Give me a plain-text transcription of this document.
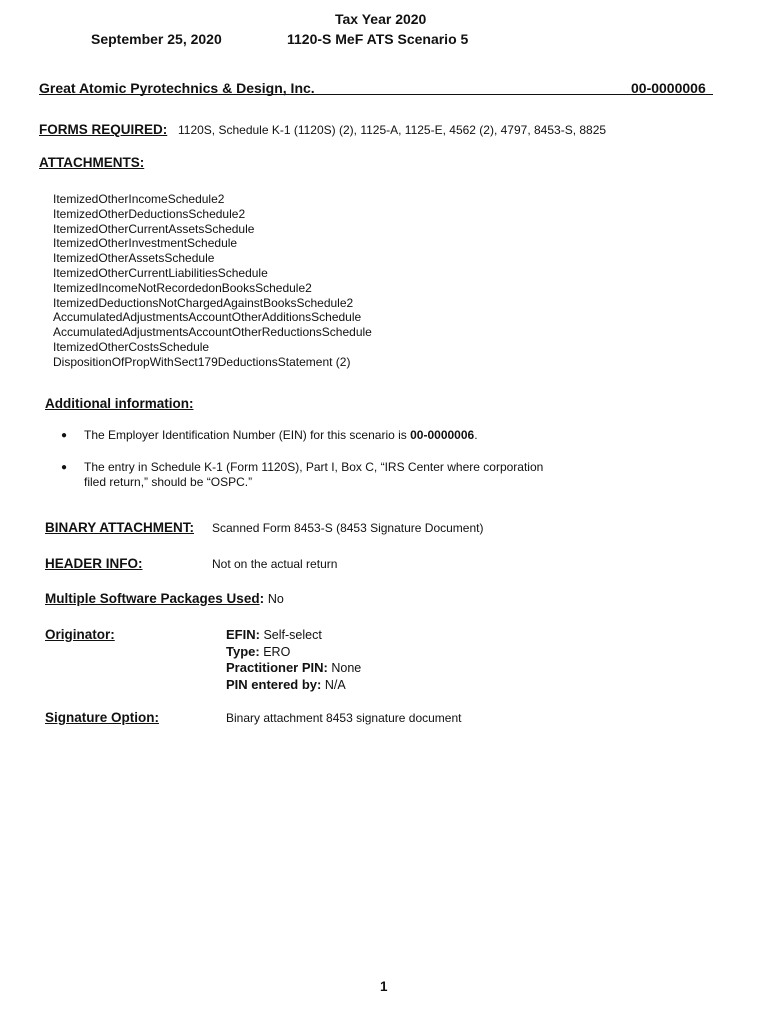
Tax Year 2020
September 25, 2020	1120-S MeF ATS Scenario 5
Great Atomic Pyrotechnics & Design, Inc.	00-0000006
FORMS REQUIRED: 1120S, Schedule K-1 (1120S) (2), 1125-A, 1125-E, 4562 (2), 4797, 8453-S, 8825
ATTACHMENTS:
ItemizedOtherIncomeSchedule2
ItemizedOtherDeductionsSchedule2
ItemizedOtherCurrentAssetsSchedule
ItemizedOtherInvestmentSchedule
ItemizedOtherAssetsSchedule
ItemizedOtherCurrentLiabilitiesSchedule
ItemizedIncomeNotRecordedonBooksSchedule2
ItemizedDeductionsNotChargedAgainstBooksSchedule2
AccumulatedAdjustmentsAccountOtherAdditionsSchedule
AccumulatedAdjustmentsAccountOtherReductionsSchedule
ItemizedOtherCostsSchedule
DispositionOfPropWithSect179DeductionsStatement (2)
Additional information:
● The Employer Identification Number (EIN) for this scenario is 00-0000006.
● The entry in Schedule K-1 (Form 1120S), Part I, Box C, “IRS Center where corporation
filed return,” should be “OSPC.”
BINARY ATTACHMENT: Scanned Form 8453-S (8453 Signature Document)
HEADER INFO:	Not on the actual return
Multiple Software Packages Used: No
Originator:	EFIN: Self-select
Type: ERO
Practitioner PIN: None
PIN entered by: N/A
Signature Option:	Binary attachment 8453 signature document
1
